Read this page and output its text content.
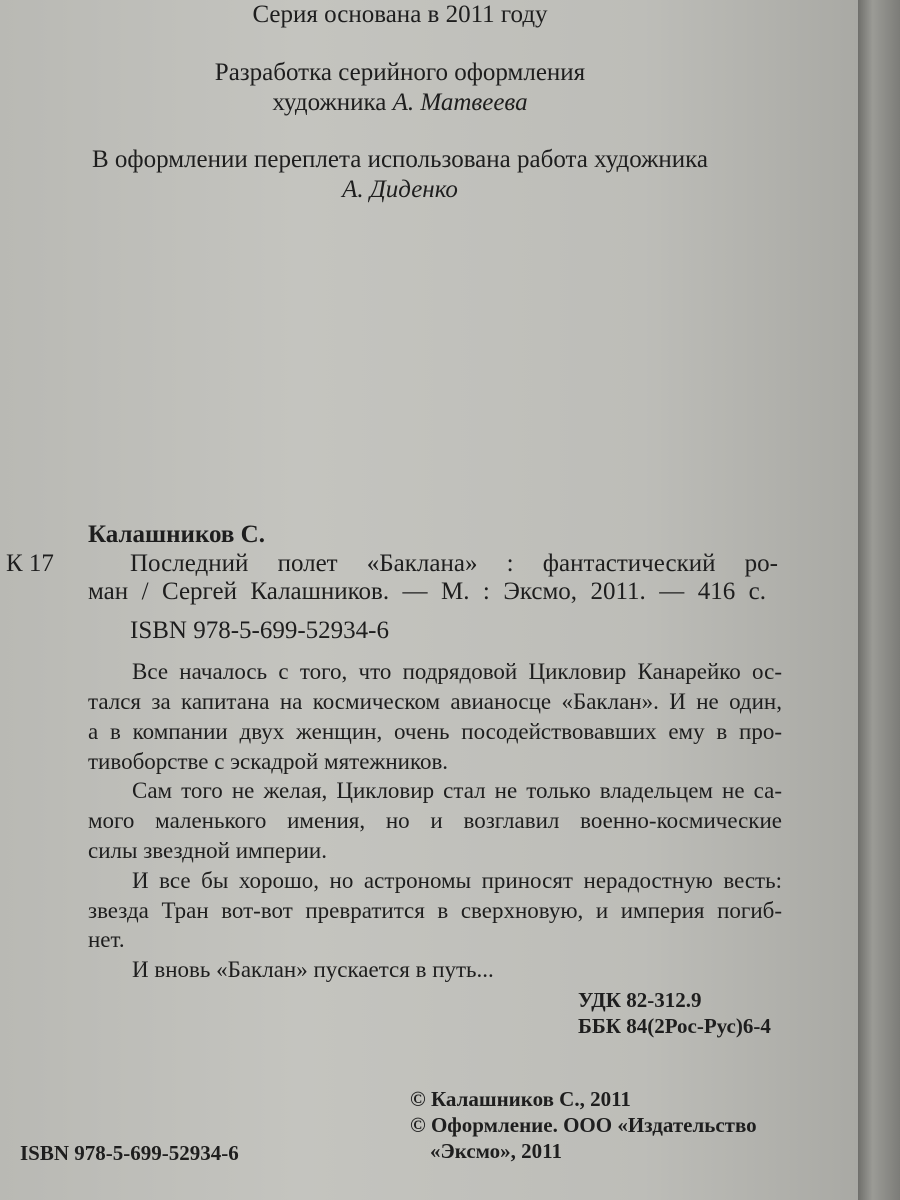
Серия основана в 2011 году
Разработка серийного оформления
художника А. Матвеева
В оформлении переплета использована работа художника
А. Диденко
Калашников С.
К 17	Последний полет «Баклана» : фантастический ро-
ман / Сергей Калашников. — М. : Эксмо, 2011. — 416 с.
ISBN 978-5-699-52934-6
Все началось с того, что подрядовой Цикловир Канарейко ос-
тался за капитана на космическом авианосце «Баклан». И не один,
а в компании двух женщин, очень посодействовавших ему в про-
тивоборстве с эскадрой мятежников.
Сам того не желая, Цикловир стал не только владельцем не са-
мого маленького имения, но и возглавил военно-космические
силы звездной империи.
И все бы хорошо, но астрономы приносят нерадостную весть:
звезда Тран вот-вот превратится в сверхновую, и империя погиб-
нет.
И вновь «Баклан» пускается в путь...
УДК 82-312.9
ББК 84(2Рос-Рус)6-4
© Калашников С., 2011
© Оформление. ООО «Издательство
«Эксмо», 2011
ISBN 978-5-699-52934-6
